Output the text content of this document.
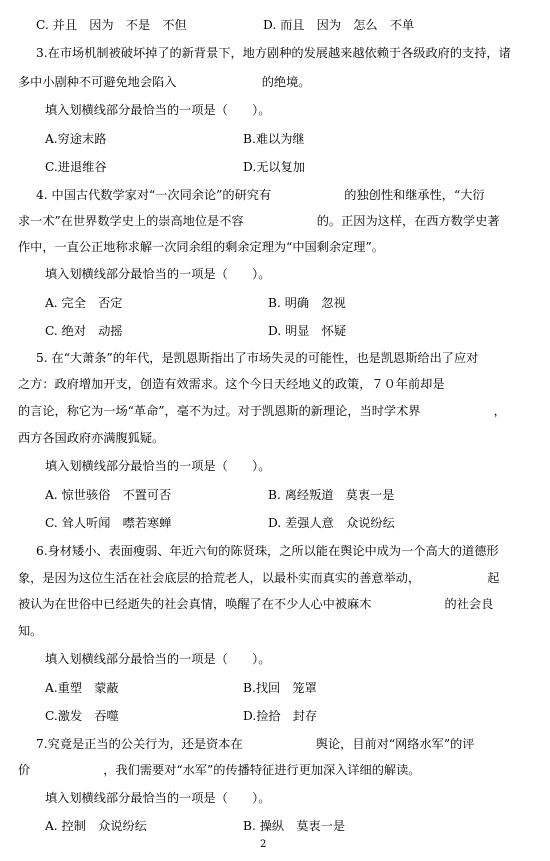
C. 并且　因为　不是　不但	D. 而且　因为　怎么　不单
3.在市场机制被破坏掉了的新背景下，地方剧种的发展越来越依赖于各级政府的支持，诸
多中小剧种不可避免地会陷入　　　　　　　的绝境。
填入划横线部分最恰当的一项是（　　）。
A.穷途末路	B.难以为继
C.进退维谷	D.无以复加
4. 中国古代数学家对“一次同余论”的研究有　　　　　　的独创性和继承性，“大衍
求一术”在世界数学史上的崇高地位是不容　　　　　　的。正因为这样，在西方数学史著
作中，一直公正地称求解一次同余组的剩余定理为“中国剩余定理”。
填入划横线部分最恰当的一项是（　　）。
A. 完全　否定	B. 明确　忽视
C. 绝对　动摇	D. 明显　怀疑
5. 在“大萧条”的年代，是凯恩斯指出了市场失灵的可能性，也是凯恩斯给出了应对
之方：政府增加开支，创造有效需求。这个今日天经地义的政策，７０年前却是
的言论，称它为一场“革命”，毫不为过。对于凯恩斯的新理论，当时学术界　　　　　　，
西方各国政府亦满腹狐疑。
填入划横线部分最恰当的一项是（　　）。
A. 惊世骇俗　不置可否	B. 离经叛道　莫衷一是
C. 耸人听闻　噤若寒蝉	D. 差强人意　众说纷纭
6.身材矮小、表面瘦弱、年近六旬的陈贤珠，之所以能在舆论中成为一个高大的道德形
象，是因为这位生活在社会底层的拾荒老人，以最朴实而真实的善意举动，　　　　　　起
被认为在世俗中已经逝失的社会真情，唤醒了在不少人心中被麻木　　　　　　的社会良
知。
填入划横线部分最恰当的一项是（　　）。
A.重塑　蒙蔽	B.找回　笼罩
C.激发　吞噬	D.捡拾　封存
7.究竟是正当的公关行为，还是资本在　　　　　　舆论，目前对“网络水军”的评
价　　　　　　，我们需要对“水军”的传播特征进行更加深入详细的解读。
填入划横线部分最恰当的一项是（　　）。
A. 控制　众说纷纭	B. 操纵　莫衷一是
2
